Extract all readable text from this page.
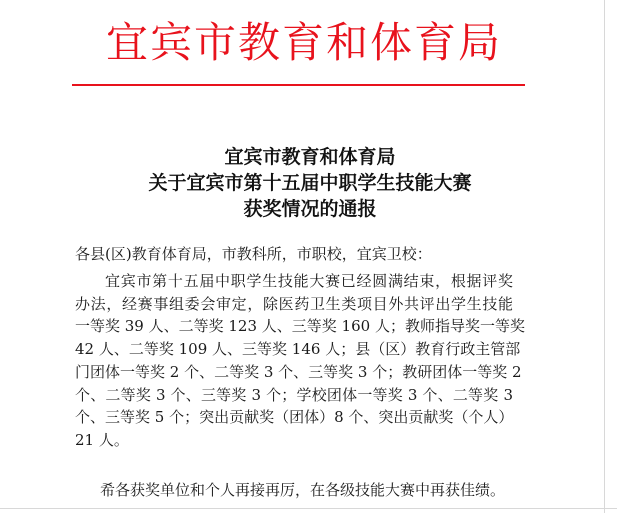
宜宾市教育和体育局
宜宾市教育和体育局
关于宜宾市第十五届中职学生技能大赛
获奖情况的通报
各县(区)教育体育局，市教科所，市职校，宜宾卫校：
宜宾市第十五届中职学生技能大赛已经圆满结束，根据评奖
办法，经赛事组委会审定，除医药卫生类项目外共评出学生技能
一等奖 39 人、二等奖 123 人、三等奖 160 人；教师指导奖一等奖
42 人、二等奖 109 人、三等奖 146 人；县（区）教育行政主管部
门团体一等奖 2 个、二等奖 3 个、三等奖 3 个；教研团体一等奖 2
个、二等奖 3 个、三等奖 3 个；学校团体一等奖 3 个、二等奖 3
个、三等奖 5 个；突出贡献奖（团体）8 个、突出贡献奖（个人）
21 人。
希各获奖单位和个人再接再厉，在各级技能大赛中再获佳绩。
